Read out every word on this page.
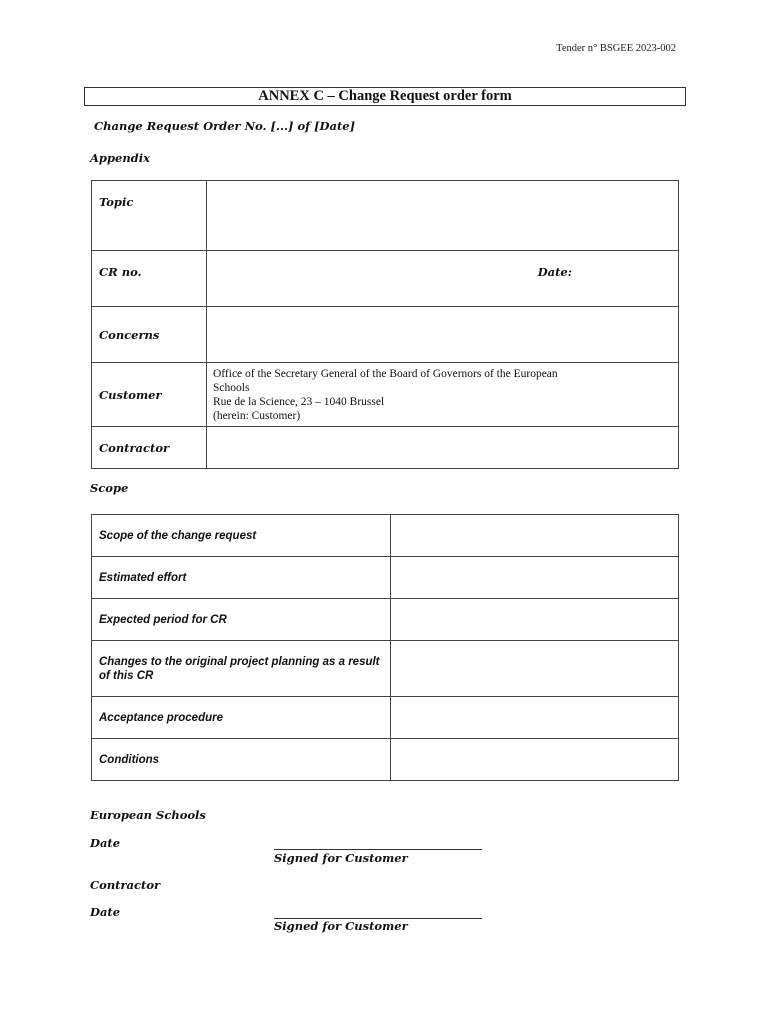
Tender n° BSGEE 2023-002
ANNEX C – Change Request order form
Change Request Order No. [...] of [Date]
Appendix
Topic	
CR no.	Date:

Concerns	
Customer	Office of the Secretary General of the Board of Governors of the European
Schools
Rue de la Science, 23 – 1040 Brussel
(herein: Customer)

Contractor	
Scope
Scope of the change request	
Estimated effort	
Expected period for CR	
Changes to the original project planning as a result of this CR	
Acceptance procedure	
Conditions	
European Schools
Date
Signed for Customer
Contractor
Date
Signed for Customer
